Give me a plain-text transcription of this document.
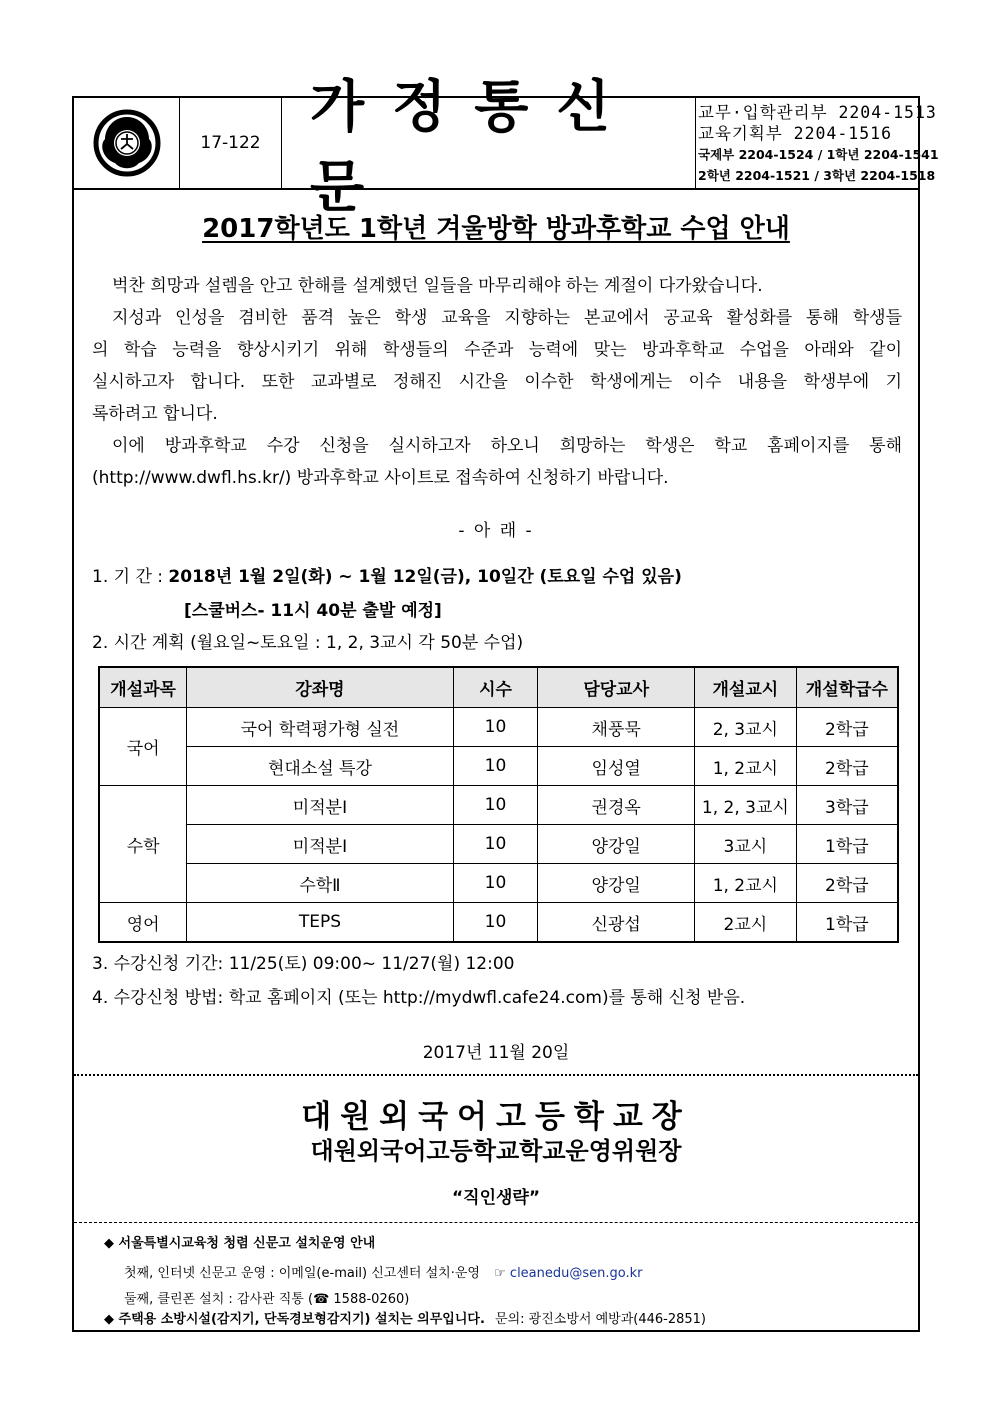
17-122
가정통신문
교무·입학관리부 2204-1513
교육기획부 2204-1516
국제부 2204-1524 / 1학년 2204-1541
2학년 2204-1521 / 3학년 2204-1518
2017학년도 1학년 겨울방학 방과후학교 수업 안내

벅찬 희망과 설렘을 안고 한해를 설계했던 일들을 마무리해야 하는 계절이 다가왔습니다.

지성과 인성을 겸비한 품격 높은 학생 교육을 지향하는 본교에서 공교육 활성화를 통해 학생들

의 학습 능력을 향상시키기 위해 학생들의 수준과 능력에 맞는 방과후학교 수업을 아래와 같이

실시하고자 합니다. 또한 교과별로 정해진 시간을 이수한 학생에게는 이수 내용을 학생부에 기

록하려고 합니다.

이에 방과후학교 수강 신청을 실시하고자 하오니 희망하는 학생은 학교 홈페이지를 통해

(http://www.dwfl.hs.kr/) 방과후학교 사이트로 접속하여 신청하기 바랍니다.

- 아 래 -
1. 기 간 : 2018년 1월 2일(화) ~ 1월 12일(금), 10일간 (토요일 수업 있음)
[스쿨버스- 11시 40분 출발 예정]
2. 시간 계획 (월요일~토요일 : 1, 2, 3교시 각 50분 수업)
개설과목	강좌명	시수	담당교사	개설교시	개설학급수
국어	국어 학력평가형 실전	10	채풍묵	2, 3교시	2학급
	현대소설 특강	10	임성열	1, 2교시	2학급
수학	미적분Ⅰ	10	권경옥	1, 2, 3교시	3학급
	미적분Ⅰ	10	양강일	3교시	1학급
	수학Ⅱ	10	양강일	1, 2교시	2학급
영어	TEPS	10	신광섭	2교시	1학급
3. 수강신청 기간: 11/25(토) 09:00~ 11/27(월) 12:00
4. 수강신청 방법: 학교 홈페이지 (또는 http://mydwfl.cafe24.com)를 통해 신청 받음.
2017년 11월 20일
대원외국어고등학교장
대원외국어고등학교학교운영위원장
“직인생략”
◆ 서울특별시교육청 청렴 신문고 설치운영 안내
첫째, 인터넷 신문고 운영 : 이메일(e-mail) 신고센터 설치·운영 ☞ cleanedu@sen.go.kr
둘째, 클린폰 설치 : 감사관 직통 (☎ 1588-0260)
◆ 주택용 소방시설(감지기, 단독경보형감지기) 설치는 의무입니다. 문의: 광진소방서 예방과(446-2851)
